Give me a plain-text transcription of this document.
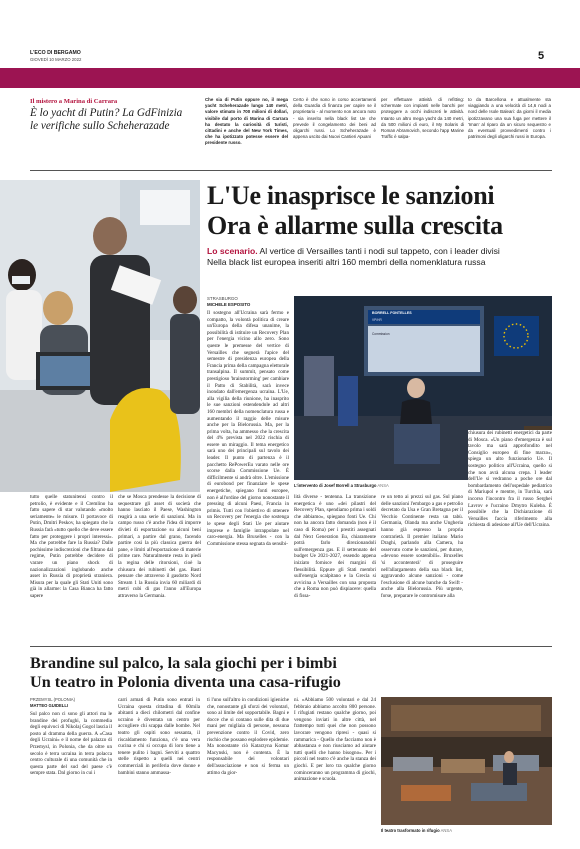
L'ECO DI BERGAMO
GIOVEDÌ 10 MARZO 2022	5
Il mistero a Marina di Carrara
È lo yacht di Putin? La GdFinizia
le verifiche sullo Scheherazade
Che sia di Putin oppure no, il mega yacht Scheherazade lungo 140 metri, valore stimato in 700 milioni di dollari, visibile dal porto di Marina di Carrara ha destato la curiosità di turisti, cittadini e anche del New York Times, che ha ipotizzato potesse essere del presidente russo.
Certo è che sono in corso accertamenti della Guardia di finanza per capire se il proprietario - al momento non ancora noto - sia inserito nella black list Ue che prevede il congelamento dei beni ad oligarchi russi. Lo Scheherazade è appena uscito dai Nuovi Cantieri Apuani
per effettuare attività di refitting: schermate con impianti nelle banchi per proteggere a occhi indiscreti le attività. Intanto un altro mega yacht da 140 metri, da 500 milioni di euro, il My Solaris di Roman Abramovich, secondo l'app Marine Traffic è salpa-
to da Barcellona e attualmente sta viaggiando a una velocità di 14,6 nodi a nord delle Isole Baleari: da giorni il media ipotizzavano una sua fuga per mettere il 'Iman' al riparo da un sicuro sequestro e da eventuali provvedimenti contro i patrimoni degli oligarchi russi in Europa.
L'Ue inasprisce le sanzioni
Ora è allarme sulla crescita
Lo scenario. Al vertice di Versailles tanti i nodi sul tappeto, con i leader divisi
Nella black list europea inseriti altri 160 membri della nomenklatura russa
STRASBURGO
MICHELE ESPOSITO
Il sostegno all'Ucraina sarà fermo e compatto, la volontà politica di creare un'Europa della difesa unanime, la possibilità di istituire un Recovery Plan per l'energia vicino allo zero. Sono queste le premesse del vertice di Versailles che segnerà l'apice del semestre di presidenza europea della Francia prima della campagna elettorale transalpina. Il summit, pensato come prestigioso 'brainstorming' per cambiare il Patto di Stabilità, sarà invece inondato dall'emergenza ucraina. L'Ue, alla vigilia della riunione, ha inasprito le sue sanzioni estendendole ad altri 160 membri della nomenclatura russa e aumentando il raggio delle misure anche per la Bielorussia. Ma, per la prima volta, ha ammesso che la crescita del 4% prevista nel 2022 rischia di essere un miraggio. Il tema energetico sarà uno dei principali sul tavolo dei leader. Il punto di partenza è il pacchetto RePowerEu varato nelle ore scorse dalla Commissione Ue. È difficilmente si andrà oltre. L'emissione di eurobond per finanziare le spese energetiche, spiegano fonti europee, non è all'ordine del giorno nonostante il pressing di alcuni Paesi, Francia in primis. Tutti con l'obiettivo di ottenere un Recovery per l'energia che sostenga le spese degli Stati Ue per aiutare imprese e famiglie intrappolate nel caro-energia. Ma Bruxelles - con la Commissione stessa segnata da sensibi-
BORRELL FONTELLES
VP/HR
Commission
L'intervento di Josef Borrell a Strasburgo ANSA
tutto quelle statunitensi contro il petrolio, è evidente e il Cremlino ha fatto sapere di star valutando «molto seriamente» le misure. Il portavoce di Putin, Dmitri Peskov, ha spiegato che la Russia farà «tutto quello che deve essere fatto per proteggere i propri interessi». Ma che potrebbe fare la Russia? Dalle pochissime indiscrezioni che filtrano dal regime, Putin potrebbe decidere di varare un piano shock di nazionalizzazioni inglobando anche asset in Russia di proprietà straniera. Misura per la quale gli Stati Uniti sono già in allarme: la Casa Bianca ha fatto sapere
che se Mosca prendesse la decisione di sequestrare gli asset di società che hanno lasciato il Paese, Washington reagirà a una serie di sanzioni. Ma in campo russo c'è anche l'idea di imporre divieti di esportazione su alcuni beni primari, a partire dal grano, facendo partire così la più classica guerra del pane, e limiti all'esportazione di materie prime rare. Naturalmente resta in piedi la regina delle ritorsioni, cioè la chiusura dei rubinetti del gas. Basti pensare che attraverso il gasdotto Nord Stream 1 la Russia invia 60 miliardi di metri cubi di gas l'anno all'Europa attraverso la Germania.
lità diverse - tentenna. La transizione energetica è uno «dei pilastri del Recovery Plan, spendiamo prima i soldi che abbiamo», spiegano fonti Ue. Chi non ha ancora fatto domanda (non è il caso di Roma) per i prestiti assegnati dal Next Generation Eu, chiaramente potrà farlo direzionandoli sull'emergenza gas. E il settennato del budget Ue 2021-2027, essendo appena iniziato fornisce dei margini di flessibilità. Eppure gli Stati membri sull'energia scalpitano e la Grecia si avvicina a Versailles con una proposta che a Roma non può dispiacere: quella di fissa-
re un tetto ai prezzi sul gas. Sul piano delle sanzioni l'embargo a gas e petrolio decretato da Usa e Gran Bretagna per il Vecchio Continente resta un tabù. Germania, Olanda ma anche Ungheria hanno già espresso la propria contrarietà. Il premier italiano Mario Draghi, parlando alla Camera, ha osservato come le sanzioni, per durare, «devono essere sostenibili». Bruxelles 'si accontenterà' di proseguire nell'allargamento della sua black list, aggravando alcune sanzioni - come l'esclusione di alcune banche da Swift - anche alla Bielorussia. Più urgente, forse, preparare le contromisure alla
chiusura dei rubinetti energetici da parte di Mosca. «Un piano d'emergenza è sul tavolo ma sarà approfondito nel Consiglio europeo di fine marzo», spiega un alto funzionario Ue. Il sostegno politico all'Ucraina, quello sì che non avrà alcuna crepa. I leader dell'Ue si vedranno a poche ore dal bombardamento dell'ospedale pediatrico di Mariupol e mentre, in Turchia, sarà incorso l'incontro fra il russo Serghei Lavrov e l'ucraino Dmytro Kuleba. È possibile che la Dichiarazione di Versailles faccia riferimento alla richiesta di adesione all'Ue dell'Ucraina.
Brandine sul palco, la sala giochi per i bimbi
Un teatro in Polonia diventa una casa-rifugio
PRZEMYSL (POLONIA)
MATTEO GUIDELLI
Sul palco non ci sono gli attori ma le brandine dei profughi, la commedia degli equivoci di Nikolaj Gogol lascia il posto al dramma della guerra. A «Casa degli Ucraini» e il nome del palazzo di Przemysl, in Polonia, che da oltre un secolo è terra ucraina in terra polacca centro culturale di una comunità che in questa parte del sud del paese c'è sempre stata. Dal giorno in cui i
carri armati di Putin sono entrati in Ucraina questa cittadina di 60mila abitanti a dieci chilometri dal confine ucraino è diventata un centro per accogliere chi scappa dalle bombe. Nel teatro gli ospiti sono sessanta, il riscaldamento funziona, c'è una vera cucina e chi si occupa di loro tiene a tenere pulito i bagni. Serviti a quattro stelle rispetto a quelli nei centri commerciali in periferia dove donne e bambini stanno ammassa-
ti l'uno sull'altro in condizioni igieniche che, nonostante gli sforzi dei volontari, sono al limite del sopportabile. Bagni e docce che si contano sulle dita di due mani per migliaia di persone, nessuna prevenzione contro il Covid, zero rischio che possano esplodere epidemie. Ma nonostante ciò Katarzyna Komar Macynski, non è contenta. È la responsabile dei volontari dell'associazione e non si ferma un attimo da gior-
ni. «Abbiamo 500 volontari e dal 24 febbraio abbiamo accolto 800 persone. I rifugiati restano qualche giorno, poi vengono inviati in altre città, nel frattempo tutti quei che non possono lavorare vengono ripresi - quasi si rammarica - Quello che facciamo non è abbastanza e non riusciamo ad aiutare tutti quelli che hanno bisogno». Per i piccoli nel teatro c'è anche la stanza dei giochi. E per loro tra qualche giorno cominceranno un programma di giochi, animazione e scuola.
Il teatro trasformato in rifugio ANSA
